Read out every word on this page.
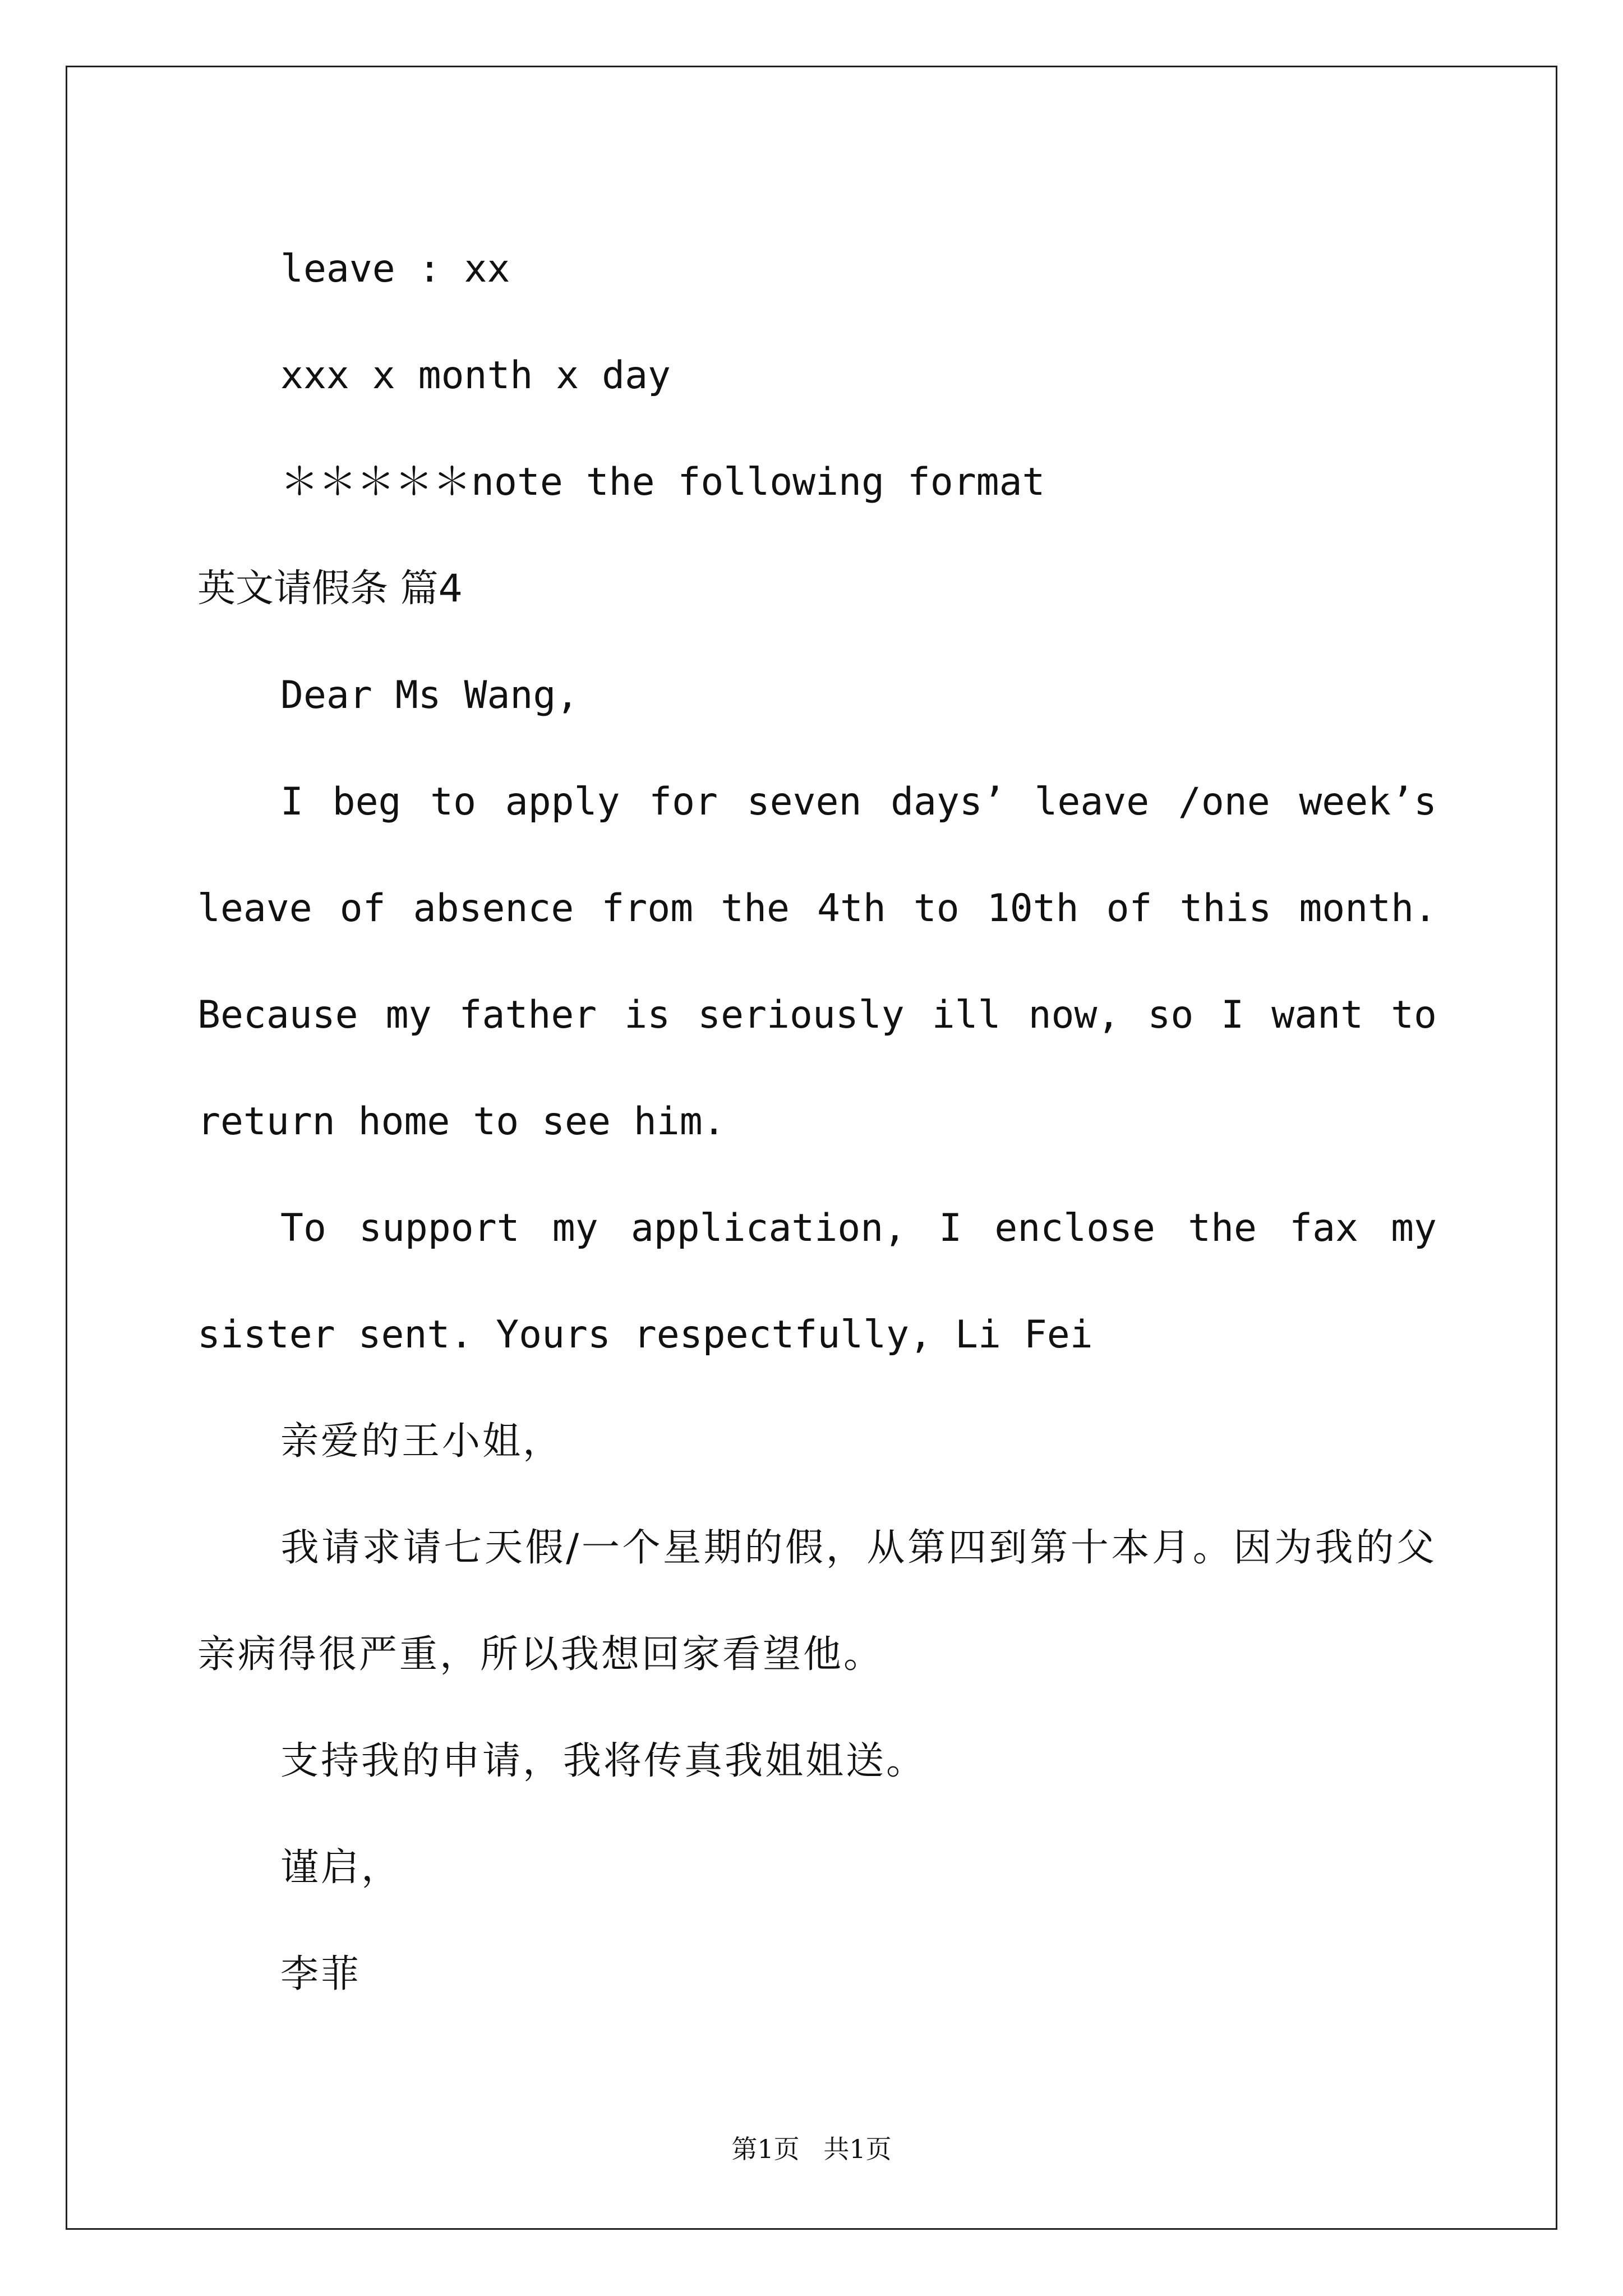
leave : xx
xxx x month x day
＊＊＊＊＊note the following format
英文请假条 篇4
Dear Ms Wang,
I beg to apply for seven days’ leave /one week’s leave of absence from the 4th to 10th of this month. Because my father is seriously ill now, so I want to return home to see him.
To support my application, I enclose the fax my sister sent. Yours respectfully, Li Fei
亲爱的王小姐，
我请求请七天假/一个星期的假，从第四到第十本月。因为我的父亲病得很严重，所以我想回家看望他。
支持我的申请，我将传真我姐姐送。
谨启，
李菲
第1页 共1页
